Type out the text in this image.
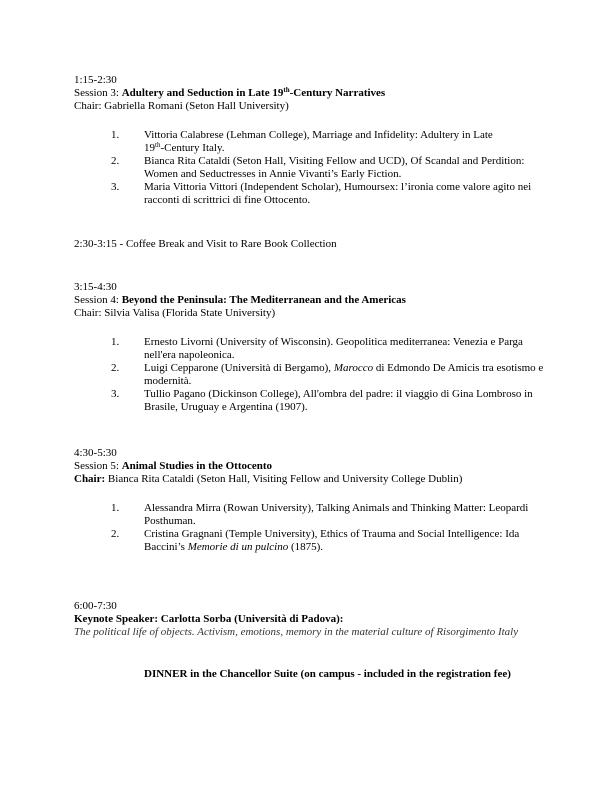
1:15-2:30
Session 3: Adultery and Seduction in Late 19th-Century Narratives
Chair: Gabriella Romani (Seton Hall University)
1. Vittoria Calabrese (Lehman College), Marriage and Infidelity: Adultery in Late
19th-Century Italy.
2. Bianca Rita Cataldi (Seton Hall, Visiting Fellow and UCD), Of Scandal and Perdition: Women and Seductresses in Annie Vivanti’s Early Fiction.
3. Maria Vittoria Vittori (Independent Scholar), Humoursex: l’ironia come valore agito nei racconti di scrittrici di fine Ottocento.
2:30-3:15 - Coffee Break and Visit to Rare Book Collection
3:15-4:30
Session 4: Beyond the Peninsula: The Mediterranean and the Americas
Chair: Silvia Valisa (Florida State University)
1. Ernesto Livorni (University of Wisconsin). Geopolitica mediterranea: Venezia e Parga nell'era napoleonica.
2. Luigi Cepparone (Università di Bergamo), Marocco di Edmondo De Amicis tra esotismo e modernità.
3. Tullio Pagano (Dickinson College), All'ombra del padre: il viaggio di Gina Lombroso in Brasile, Uruguay e Argentina (1907).
4:30-5:30
Session 5: Animal Studies in the Ottocento
Chair: Bianca Rita Cataldi (Seton Hall, Visiting Fellow and University College Dublin)
1. Alessandra Mirra (Rowan University), Talking Animals and Thinking Matter: Leopardi Posthuman.
2. Cristina Gragnani (Temple University), Ethics of Trauma and Social Intelligence: Ida Baccini’s Memorie di un pulcino (1875).
6:00-7:30
Keynote Speaker: Carlotta Sorba (Università di Padova):
The political life of objects. Activism, emotions, memory in the material culture of Risorgimento Italy
DINNER in the Chancellor Suite (on campus - included in the registration fee)
